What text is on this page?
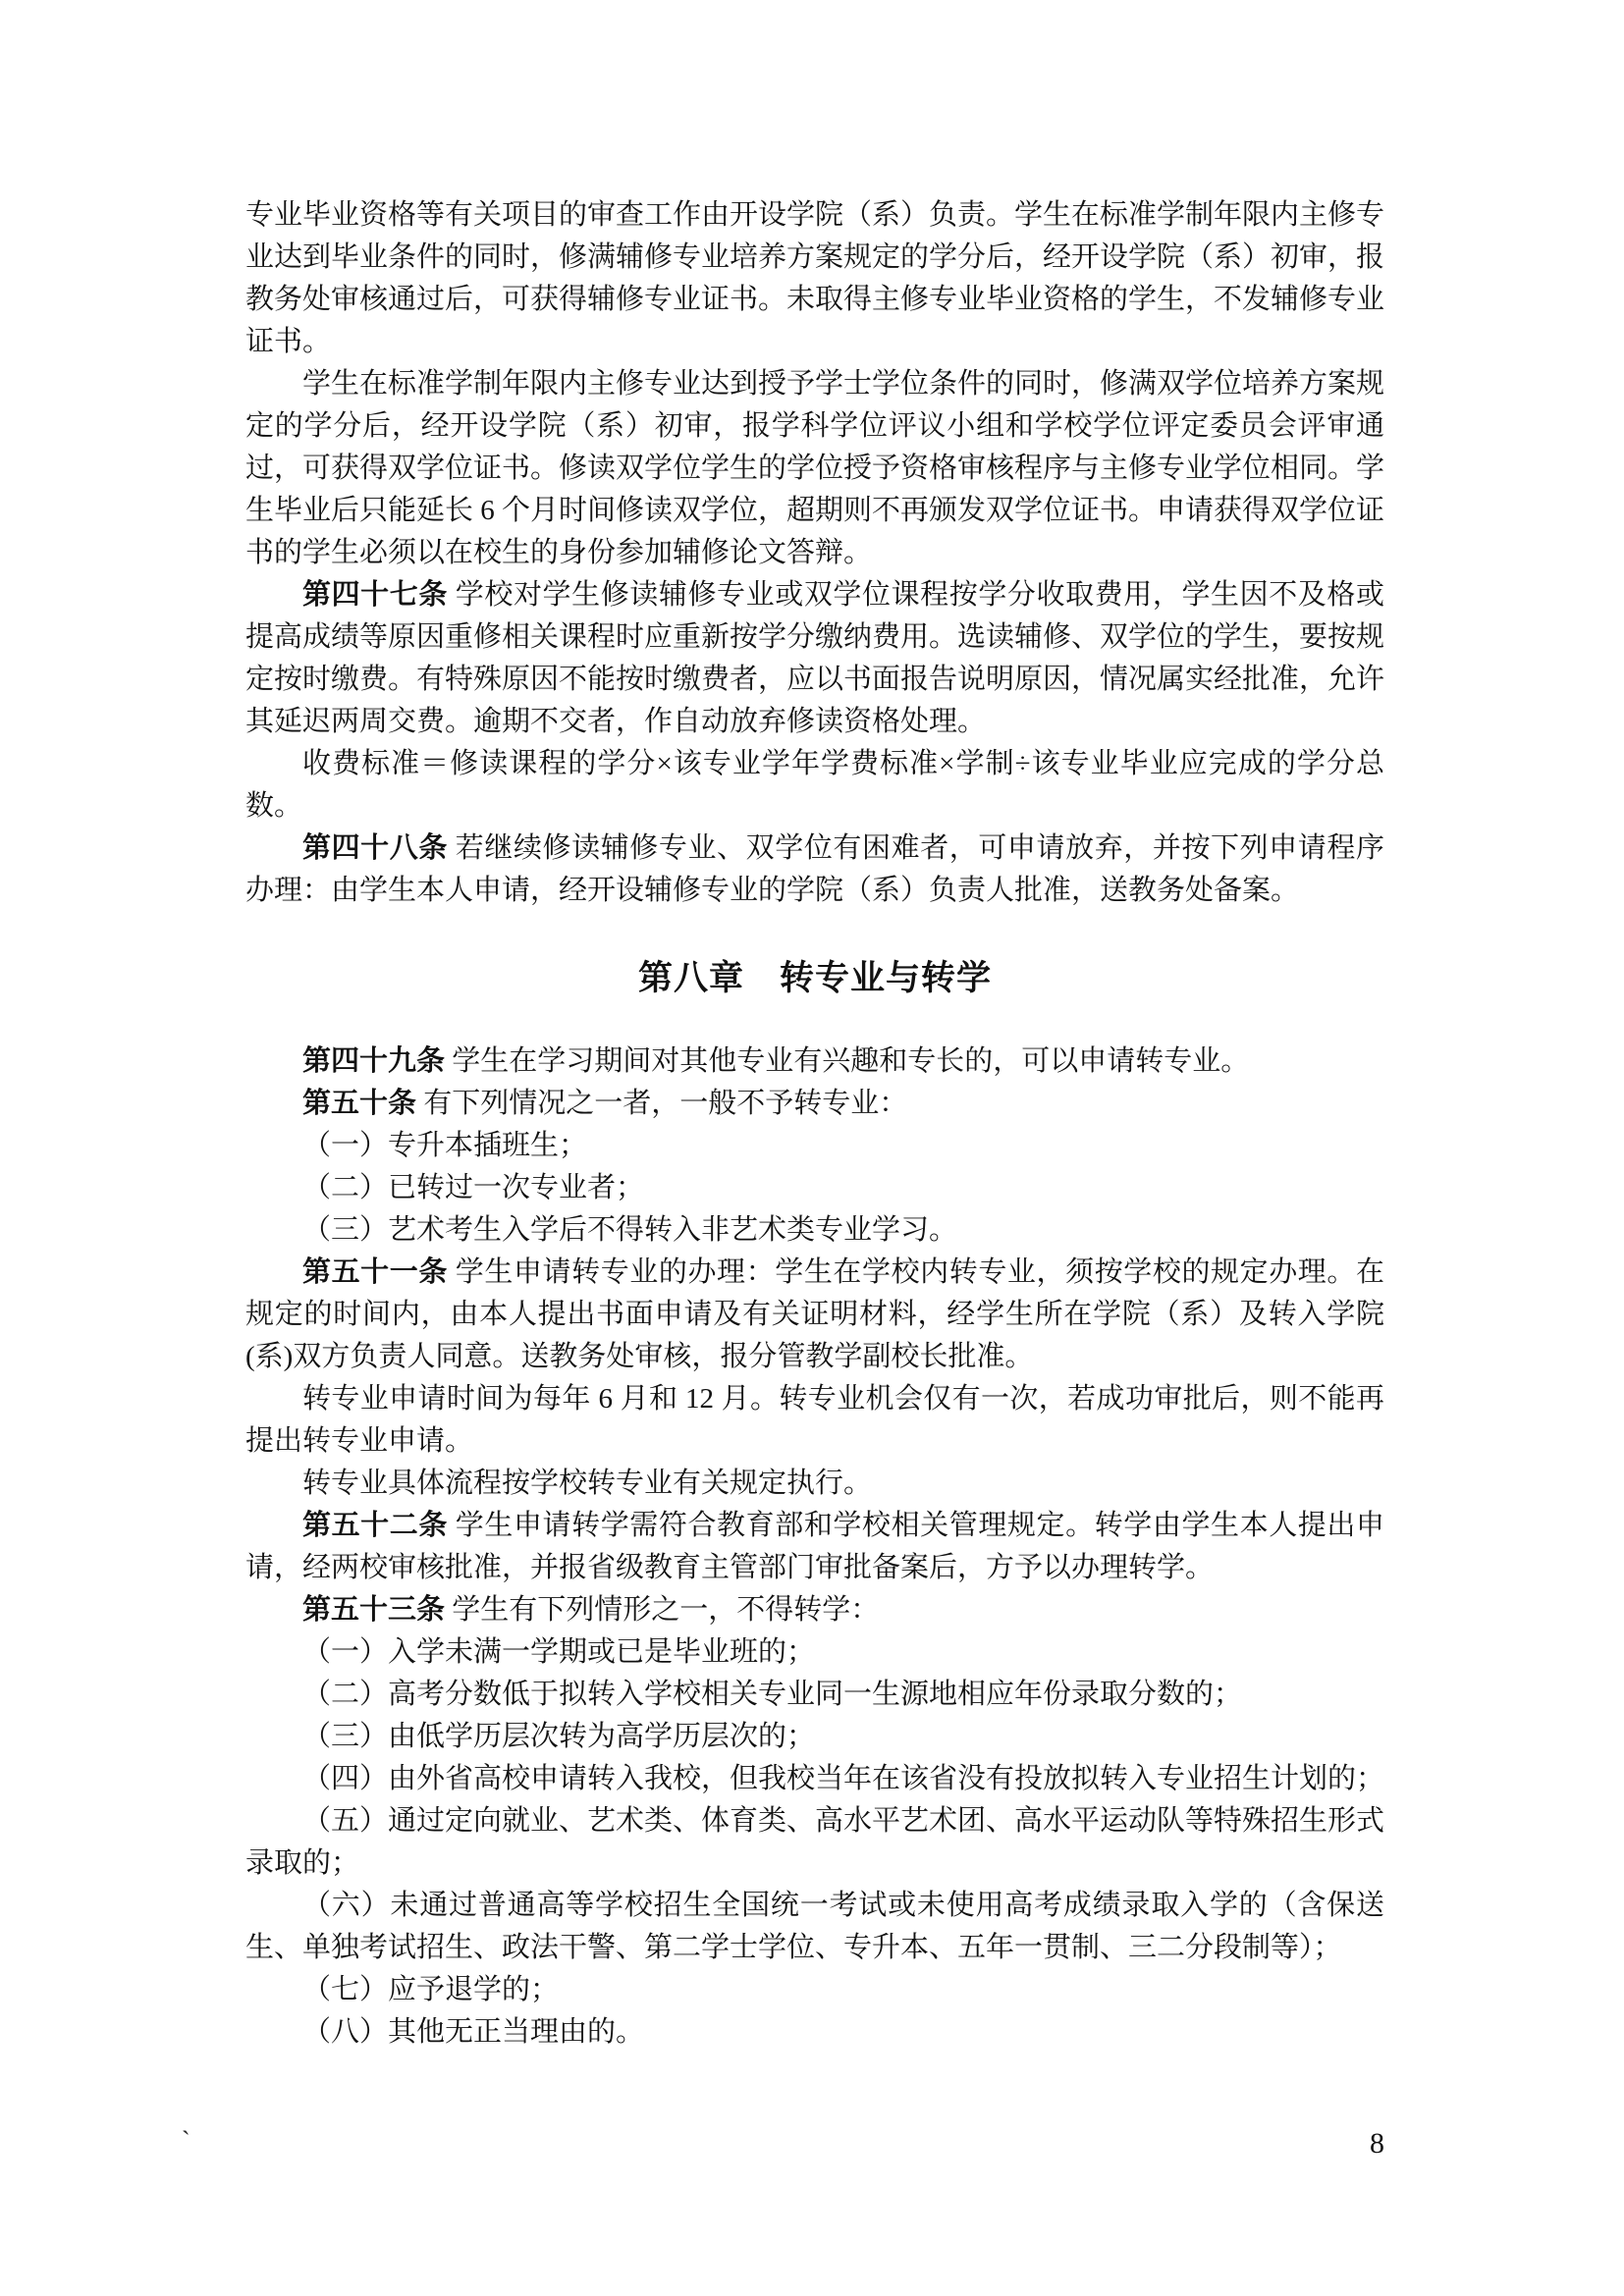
专业毕业资格等有关项目的审查工作由开设学院（系）负责。学生在标准学制年限内主修专业达到毕业条件的同时，修满辅修专业培养方案规定的学分后，经开设学院（系）初审，报教务处审核通过后，可获得辅修专业证书。未取得主修专业毕业资格的学生，不发辅修专业证书。

学生在标准学制年限内主修专业达到授予学士学位条件的同时，修满双学位培养方案规定的学分后，经开设学院（系）初审，报学科学位评议小组和学校学位评定委员会评审通过，可获得双学位证书。修读双学位学生的学位授予资格审核程序与主修专业学位相同。学生毕业后只能延长 6 个月时间修读双学位，超期则不再颁发双学位证书。申请获得双学位证书的学生必须以在校生的身份参加辅修论文答辩。

第四十七条 学校对学生修读辅修专业或双学位课程按学分收取费用，学生因不及格或提高成绩等原因重修相关课程时应重新按学分缴纳费用。选读辅修、双学位的学生，要按规定按时缴费。有特殊原因不能按时缴费者，应以书面报告说明原因，情况属实经批准，允许其延迟两周交费。逾期不交者，作自动放弃修读资格处理。

收费标准＝修读课程的学分×该专业学年学费标准×学制÷该专业毕业应完成的学分总数。

第四十八条 若继续修读辅修专业、双学位有困难者，可申请放弃，并按下列申请程序办理：由学生本人申请，经开设辅修专业的学院（系）负责人批准，送教务处备案。

第八章　转专业与转学

第四十九条 学生在学习期间对其他专业有兴趣和专长的，可以申请转专业。

第五十条 有下列情况之一者，一般不予转专业：

（一）专升本插班生；

（二）已转过一次专业者；

（三）艺术考生入学后不得转入非艺术类专业学习。

第五十一条 学生申请转专业的办理：学生在学校内转专业，须按学校的规定办理。在规定的时间内，由本人提出书面申请及有关证明材料，经学生所在学院（系）及转入学院(系)双方负责人同意。送教务处审核，报分管教学副校长批准。

转专业申请时间为每年 6 月和 12 月。转专业机会仅有一次，若成功审批后，则不能再提出转专业申请。

转专业具体流程按学校转专业有关规定执行。

第五十二条 学生申请转学需符合教育部和学校相关管理规定。转学由学生本人提出申请，经两校审核批准，并报省级教育主管部门审批备案后，方予以办理转学。

第五十三条 学生有下列情形之一，不得转学：

（一）入学未满一学期或已是毕业班的；

（二）高考分数低于拟转入学校相关专业同一生源地相应年份录取分数的；

（三）由低学历层次转为高学历层次的；

（四）由外省高校申请转入我校，但我校当年在该省没有投放拟转入专业招生计划的；

（五）通过定向就业、艺术类、体育类、高水平艺术团、高水平运动队等特殊招生形式录取的；

（六）未通过普通高等学校招生全国统一考试或未使用高考成绩录取入学的（含保送生、单独考试招生、政法干警、第二学士学位、专升本、五年一贯制、三二分段制等）；

（七）应予退学的；

（八）其他无正当理由的。

`	8
